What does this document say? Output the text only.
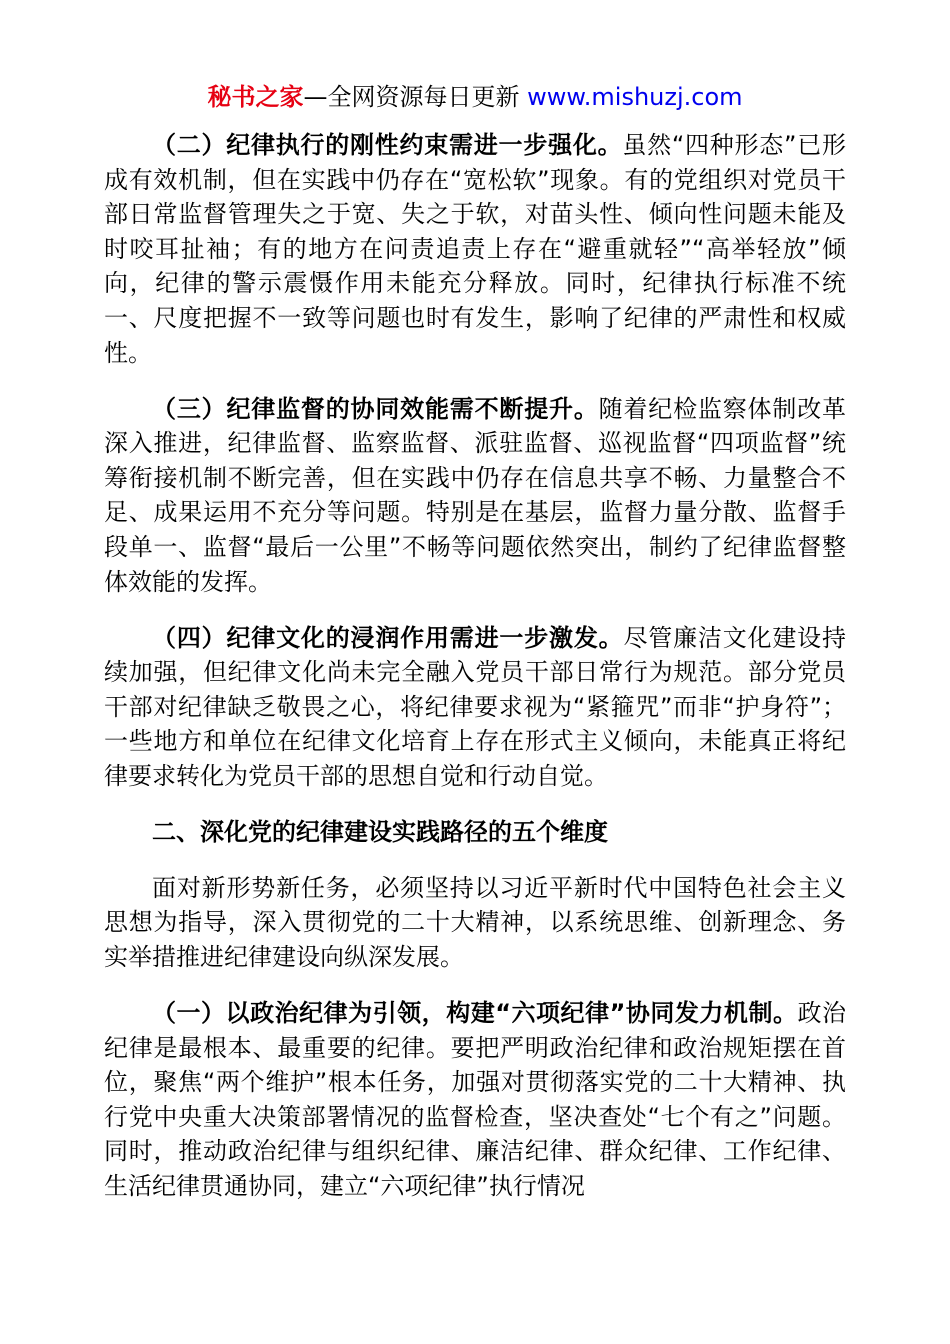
秘书之家—全网资源每日更新 www.mishuzj.com

（二）纪律执行的刚性约束需进一步强化。虽然“四种形态”已形成有效机制，但在实践中仍存在“宽松软”现象。有的党组织对党员干部日常监督管理失之于宽、失之于软，对苗头性、倾向性问题未能及时咬耳扯袖；有的地方在问责追责上存在“避重就轻”“高举轻放”倾向，纪律的警示震慑作用未能充分释放。同时，纪律执行标准不统一、尺度把握不一致等问题也时有发生，影响了纪律的严肃性和权威性。

（三）纪律监督的协同效能需不断提升。随着纪检监察体制改革深入推进，纪律监督、监察监督、派驻监督、巡视监督“四项监督”统筹衔接机制不断完善，但在实践中仍存在信息共享不畅、力量整合不足、成果运用不充分等问题。特别是在基层，监督力量分散、监督手段单一、监督“最后一公里”不畅等问题依然突出，制约了纪律监督整体效能的发挥。

（四）纪律文化的浸润作用需进一步激发。尽管廉洁文化建设持续加强，但纪律文化尚未完全融入党员干部日常行为规范。部分党员干部对纪律缺乏敬畏之心，将纪律要求视为“紧箍咒”而非“护身符”；一些地方和单位在纪律文化培育上存在形式主义倾向，未能真正将纪律要求转化为党员干部的思想自觉和行动自觉。

二、深化党的纪律建设实践路径的五个维度

面对新形势新任务，必须坚持以习近平新时代中国特色社会主义思想为指导，深入贯彻党的二十大精神，以系统思维、创新理念、务实举措推进纪律建设向纵深发展。

（一）以政治纪律为引领，构建“六项纪律”协同发力机制。政治纪律是最根本、最重要的纪律。要把严明政治纪律和政治规矩摆在首位，聚焦“两个维护”根本任务，加强对贯彻落实党的二十大精神、执行党中央重大决策部署情况的监督检查，坚决查处“七个有之”问题。同时，推动政治纪律与组织纪律、廉洁纪律、群众纪律、工作纪律、生活纪律贯通协同，建立“六项纪律”执行情况
